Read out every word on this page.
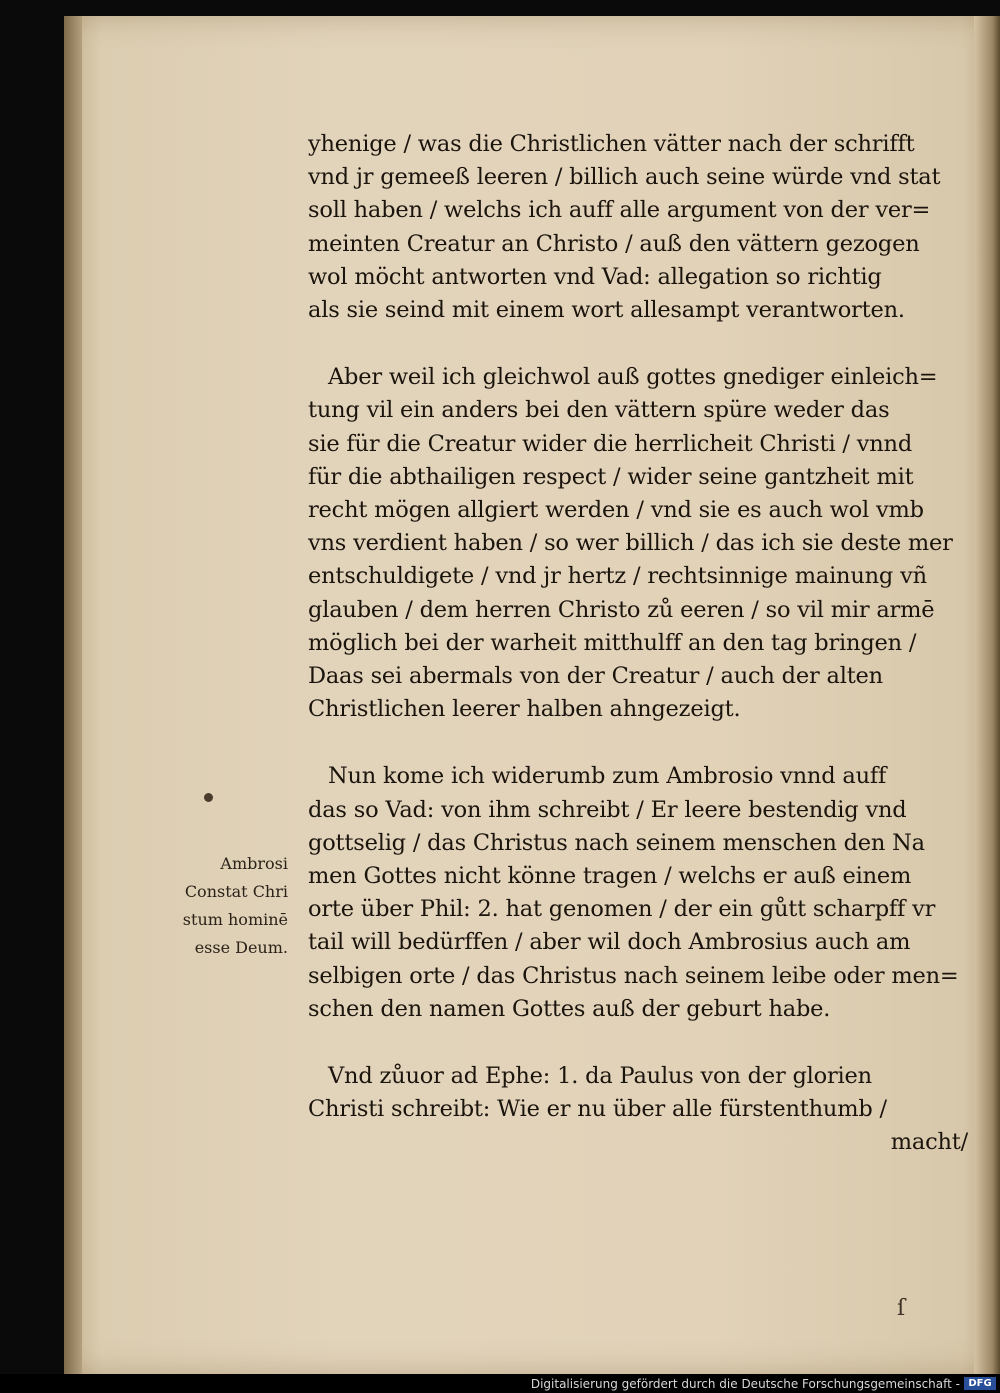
yhenige / was die Christlichen vätter nach der schrifft
vnd jr gemeeß leeren / billich auch seine würde vnd stat
soll haben / welchs ich auff alle argument von der ver=
meinten Creatur an Christo / auß den vättern gezogen
wol möcht antworten vnd Vad: allegation so richtig
als sie seind mit einem wort allesampt verantworten.
Aber weil ich gleichwol auß gottes gnediger einleich=
tung vil ein anders bei den vättern spüre weder das
sie für die Creatur wider die herrlicheit Christi / vnnd
für die abthailigen respect / wider seine gantzheit mit
recht mögen allgiert werden / vnd sie es auch wol vmb
vns verdient haben / so wer billich / das ich sie deste mer
entschuldigete / vnd jr hertz / rechtsinnige mainung vñ
glauben / dem herren Christo zů eeren / so vil mir armē
möglich bei der warheit mitthulff an den tag bringen /
Daas sei abermals von der Creatur / auch der alten
Christlichen leerer halben ahngezeigt.
Nun kome ich widerumb zum Ambrosio vnnd auff
das so Vad: von ihm schreibt / Er leere bestendig vnd
gottselig / das Christus nach seinem menschen den Na
men Gottes nicht könne tragen / welchs er auß einem
orte über Phil: 2. hat genomen / der ein gůtt scharpff vr
tail will bedürffen / aber wil doch Ambrosius auch am
selbigen orte / das Christus nach seinem leibe oder men=
schen den namen Gottes auß der geburt habe.
Vnd zůuor ad Ephe: 1. da Paulus von der glorien
Christi schreibt: Wie er nu über alle fürstenthumb /
macht/
Ambrosi
Constat Chri
stum hominē
esse Deum.
ſ
Digitalisierung gefördert durch die Deutsche Forschungsgemeinschaft - DFG
